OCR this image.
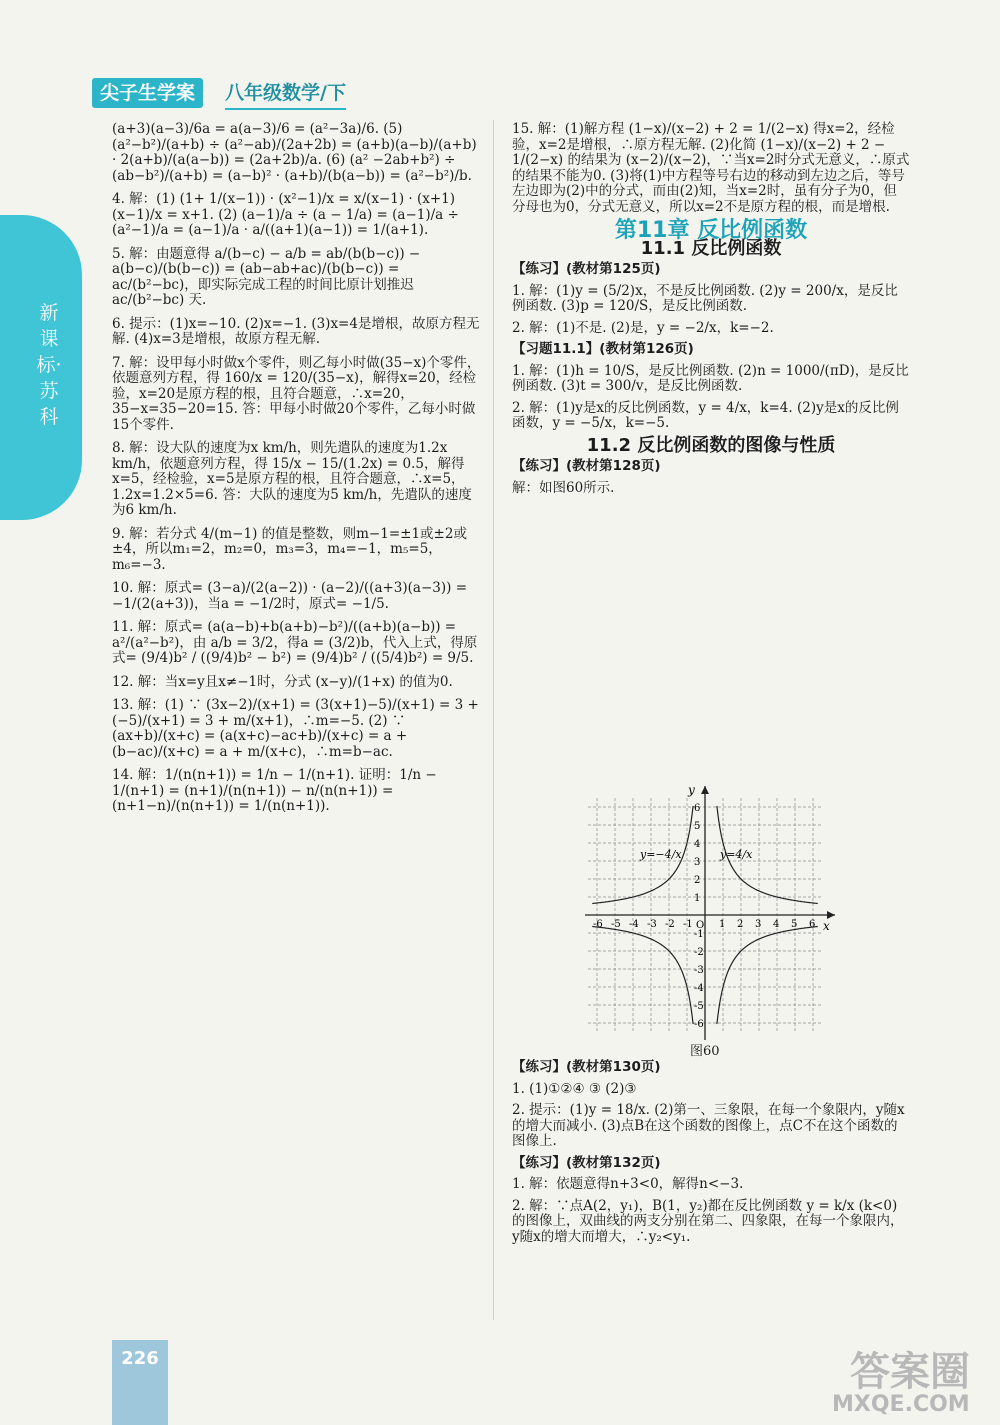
尖子生学案	八年级数学/下
新课标·苏科

(a+3)(a−3)/6a = a(a−3)/6 = (a²−3a)/6. (5) (a²−b²)/(a+b) ÷ (a²−ab)/(2a+2b) = (a+b)(a−b)/(a+b) · 2(a+b)/(a(a−b)) = (2a+2b)/a. (6) (a² −2ab+b²) ÷ (ab−b²)/(a+b) = (a−b)² · (a+b)/(b(a−b)) = (a²−b²)/b.

4. 解：(1) (1+ 1/(x−1)) · (x²−1)/x = x/(x−1) · (x+1)(x−1)/x = x+1. (2) (a−1)/a ÷ (a − 1/a) = (a−1)/a ÷ (a²−1)/a = (a−1)/a · a/((a+1)(a−1)) = 1/(a+1).

5. 解：由题意得 a/(b−c) − a/b = ab/(b(b−c)) − a(b−c)/(b(b−c)) = (ab−ab+ac)/(b(b−c)) = ac/(b²−bc)，即实际完成工程的时间比原计划推迟 ac/(b²−bc) 天.

6. 提示：(1)x=−10. (2)x=−1. (3)x=4是增根，故原方程无解. (4)x=3是增根，故原方程无解.

7. 解：设甲每小时做x个零件，则乙每小时做(35−x)个零件，依题意列方程，得 160/x = 120/(35−x)，解得x=20，经检验，x=20是原方程的根，且符合题意，∴x=20，35−x=35−20=15. 答：甲每小时做20个零件，乙每小时做15个零件.

8. 解：设大队的速度为x km/h，则先遣队的速度为1.2x km/h，依题意列方程，得 15/x − 15/(1.2x) = 0.5，解得x=5，经检验，x=5是原方程的根，且符合题意，∴x=5，1.2x=1.2×5=6. 答：大队的速度为5 km/h，先遣队的速度为6 km/h.

9. 解：若分式 4/(m−1) 的值是整数，则m−1=±1或±2或±4，所以m₁=2，m₂=0，m₃=3，m₄=−1，m₅=5，m₆=−3.

10. 解：原式= (3−a)/(2(a−2)) · (a−2)/((a+3)(a−3)) = −1/(2(a+3))，当a = −1/2时，原式= −1/5.

11. 解：原式= (a(a−b)+b(a+b)−b²)/((a+b)(a−b)) = a²/(a²−b²)，由 a/b = 3/2，得a = (3/2)b，代入上式，得原式= (9/4)b² / ((9/4)b² − b²) = (9/4)b² / ((5/4)b²) = 9/5.

12. 解：当x=y且x≠−1时，分式 (x−y)/(1+x) 的值为0.

13. 解：(1) ∵ (3x−2)/(x+1) = (3(x+1)−5)/(x+1) = 3 + (−5)/(x+1) = 3 + m/(x+1)，∴m=−5. (2) ∵ (ax+b)/(x+c) = (a(x+c)−ac+b)/(x+c) = a + (b−ac)/(x+c) = a + m/(x+c)，∴m=b−ac.

14. 解：1/(n(n+1)) = 1/n − 1/(n+1). 证明：1/n − 1/(n+1) = (n+1)/(n(n+1)) − n/(n(n+1)) = (n+1−n)/(n(n+1)) = 1/(n(n+1)).

15. 解：(1)解方程 (1−x)/(x−2) + 2 = 1/(2−x) 得x=2，经检验，x=2是增根，∴原方程无解. (2)化简 (1−x)/(x−2) + 2 − 1/(2−x) 的结果为 (x−2)/(x−2)，∵当x=2时分式无意义，∴原式的结果不能为0. (3)将(1)中方程等号右边的移动到左边之后，等号左边即为(2)中的分式，而由(2)知，当x=2时，虽有分子为0，但分母也为0，分式无意义，所以x=2不是原方程的根，而是增根.

第11章 反比例函数
11.1 反比例函数

【练习】(教材第125页)

1. 解：(1)y = (5/2)x，不是反比例函数. (2)y = 200/x，是反比例函数. (3)p = 120/S，是反比例函数.

2. 解：(1)不是. (2)是，y = −2/x，k=−2.

【习题11.1】(教材第126页)

1. 解：(1)h = 10/S，是反比例函数. (2)n = 1000/(πD)，是反比例函数. (3)t = 300/v，是反比例函数.

2. 解：(1)y是x的反比例函数，y = 4/x，k=4. (2)y是x的反比例函数，y = −5/x，k=−5.

11.2 反比例函数的图像与性质

【练习】(教材第128页)

解：如图60所示.

x
y
O
-6
-6
-5
-5
-4
-4
-3
-3
-2
-2
-1
-1
1
1
2
2
3
3
4
4
5
5
6
6
y=−4/x	y=4/x
图60

【练习】(教材第130页)

1. (1)①②④ ③ (2)③

2. 提示：(1)y = 18/x. (2)第一、三象限，在每一个象限内，y随x的增大而减小. (3)点B在这个函数的图像上，点C不在这个函数的图像上.

【练习】(教材第132页)

1. 解：依题意得n+3<0，解得n<−3.

2. 解：∵点A(2，y₁)，B(1，y₂)都在反比例函数 y = k/x (k<0)的图像上，双曲线的两支分别在第二、四象限，在每一个象限内，y随x的增大而增大，∴y₂<y₁.

226	答案圈
MXQE.COM
